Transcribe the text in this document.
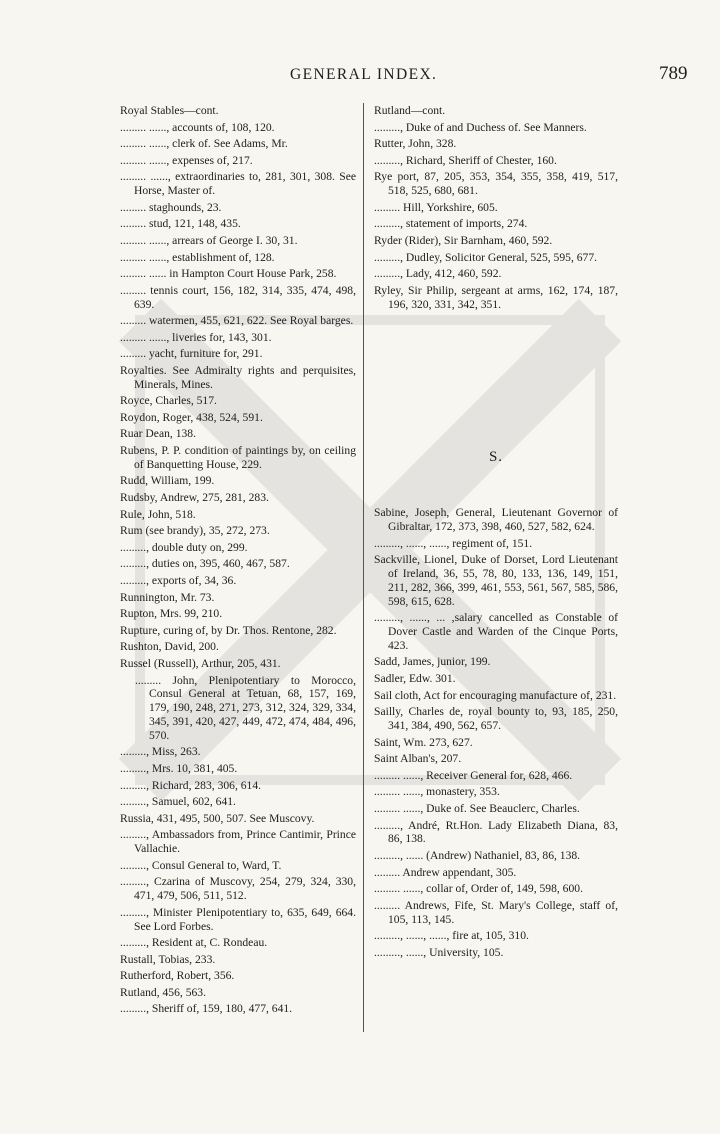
GENERAL INDEX.	789
Royal Stables—cont.
......... ......, accounts of, 108, 120.
......... ......, clerk of. See Adams, Mr.
......... ......, expenses of, 217.
......... ......, extraordinaries to, 281, 301, 308. See Horse, Master of.
......... staghounds, 23.
......... stud, 121, 148, 435.
......... ......, arrears of George I. 30, 31.
......... ......, establishment of, 128.
......... ...... in Hampton Court House Park, 258.
......... tennis court, 156, 182, 314, 335, 474, 498, 639.
......... watermen, 455, 621, 622. See Royal barges.
......... ......, liveries for, 143, 301.
......... yacht, furniture for, 291.
Royalties. See Admiralty rights and perquisites, Minerals, Mines.
Royce, Charles, 517.
Roydon, Roger, 438, 524, 591.
Ruar Dean, 138.
Rubens, P. P. condition of paintings by, on ceiling of Banquetting House, 229.
Rudd, William, 199.
Rudsby, Andrew, 275, 281, 283.
Rule, John, 518.
Rum (see brandy), 35, 272, 273.
........., double duty on, 299.
........., duties on, 395, 460, 467, 587.
........., exports of, 34, 36.
Runnington, Mr. 73.
Rupton, Mrs. 99, 210.
Rupture, curing of, by Dr. Thos. Rentone, 282.
Rushton, David, 200.
Russel (Russell), Arthur, 205, 431.
......... John, Plenipotentiary to Morocco, Consul General at Tetuan, 68, 157, 169, 179, 190, 248, 271, 273, 312, 324, 329, 334, 345, 391, 420, 427, 449, 472, 474, 484, 496, 570.
........., Miss, 263.
........., Mrs. 10, 381, 405.
........., Richard, 283, 306, 614.
........., Samuel, 602, 641.
Russia, 431, 495, 500, 507. See Muscovy.
........., Ambassadors from, Prince Cantimir, Prince Vallachie.
........., Consul General to, Ward, T.
........., Czarina of Muscovy, 254, 279, 324, 330, 471, 479, 506, 511, 512.
........., Minister Plenipotentiary to, 635, 649, 664. See Lord Forbes.
........., Resident at, C. Rondeau.
Rustall, Tobias, 233.
Rutherford, Robert, 356.
Rutland, 456, 563.
........., Sheriff of, 159, 180, 477, 641.
Rutland—cont.
........., Duke of and Duchess of. See Manners.
Rutter, John, 328.
........., Richard, Sheriff of Chester, 160.
Rye port, 87, 205, 353, 354, 355, 358, 419, 517, 518, 525, 680, 681.
......... Hill, Yorkshire, 605.
........., statement of imports, 274.
Ryder (Rider), Sir Barnham, 460, 592.
........., Dudley, Solicitor General, 525, 595, 677.
........., Lady, 412, 460, 592.
Ryley, Sir Philip, sergeant at arms, 162, 174, 187, 196, 320, 331, 342, 351.
S.
Sabine, Joseph, General, Lieutenant Governor of Gibraltar, 172, 373, 398, 460, 527, 582, 624.
........., ......, ......, regiment of, 151.
Sackville, Lionel, Duke of Dorset, Lord Lieutenant of Ireland, 36, 55, 78, 80, 133, 136, 149, 151, 211, 282, 366, 399, 461, 553, 561, 567, 585, 586, 598, 615, 628.
........., ......, ... ,salary cancelled as Constable of Dover Castle and Warden of the Cinque Ports, 423.
Sadd, James, junior, 199.
Sadler, Edw. 301.
Sail cloth, Act for encouraging manufacture of, 231.
Sailly, Charles de, royal bounty to, 93, 185, 250, 341, 384, 490, 562, 657.
Saint, Wm. 273, 627.
Saint Alban's, 207.
......... ......, Receiver General for, 628, 466.
......... ......, monastery, 353.
......... ......, Duke of. See Beauclerc, Charles.
........., André, Rt.Hon. Lady Elizabeth Diana, 83, 86, 138.
........., ...... (Andrew) Nathaniel, 83, 86, 138.
......... Andrew appendant, 305.
......... ......, collar of, Order of, 149, 598, 600.
......... Andrews, Fife, St. Mary's College, staff of, 105, 113, 145.
........., ......, ......, fire at, 105, 310.
........., ......, University, 105.
